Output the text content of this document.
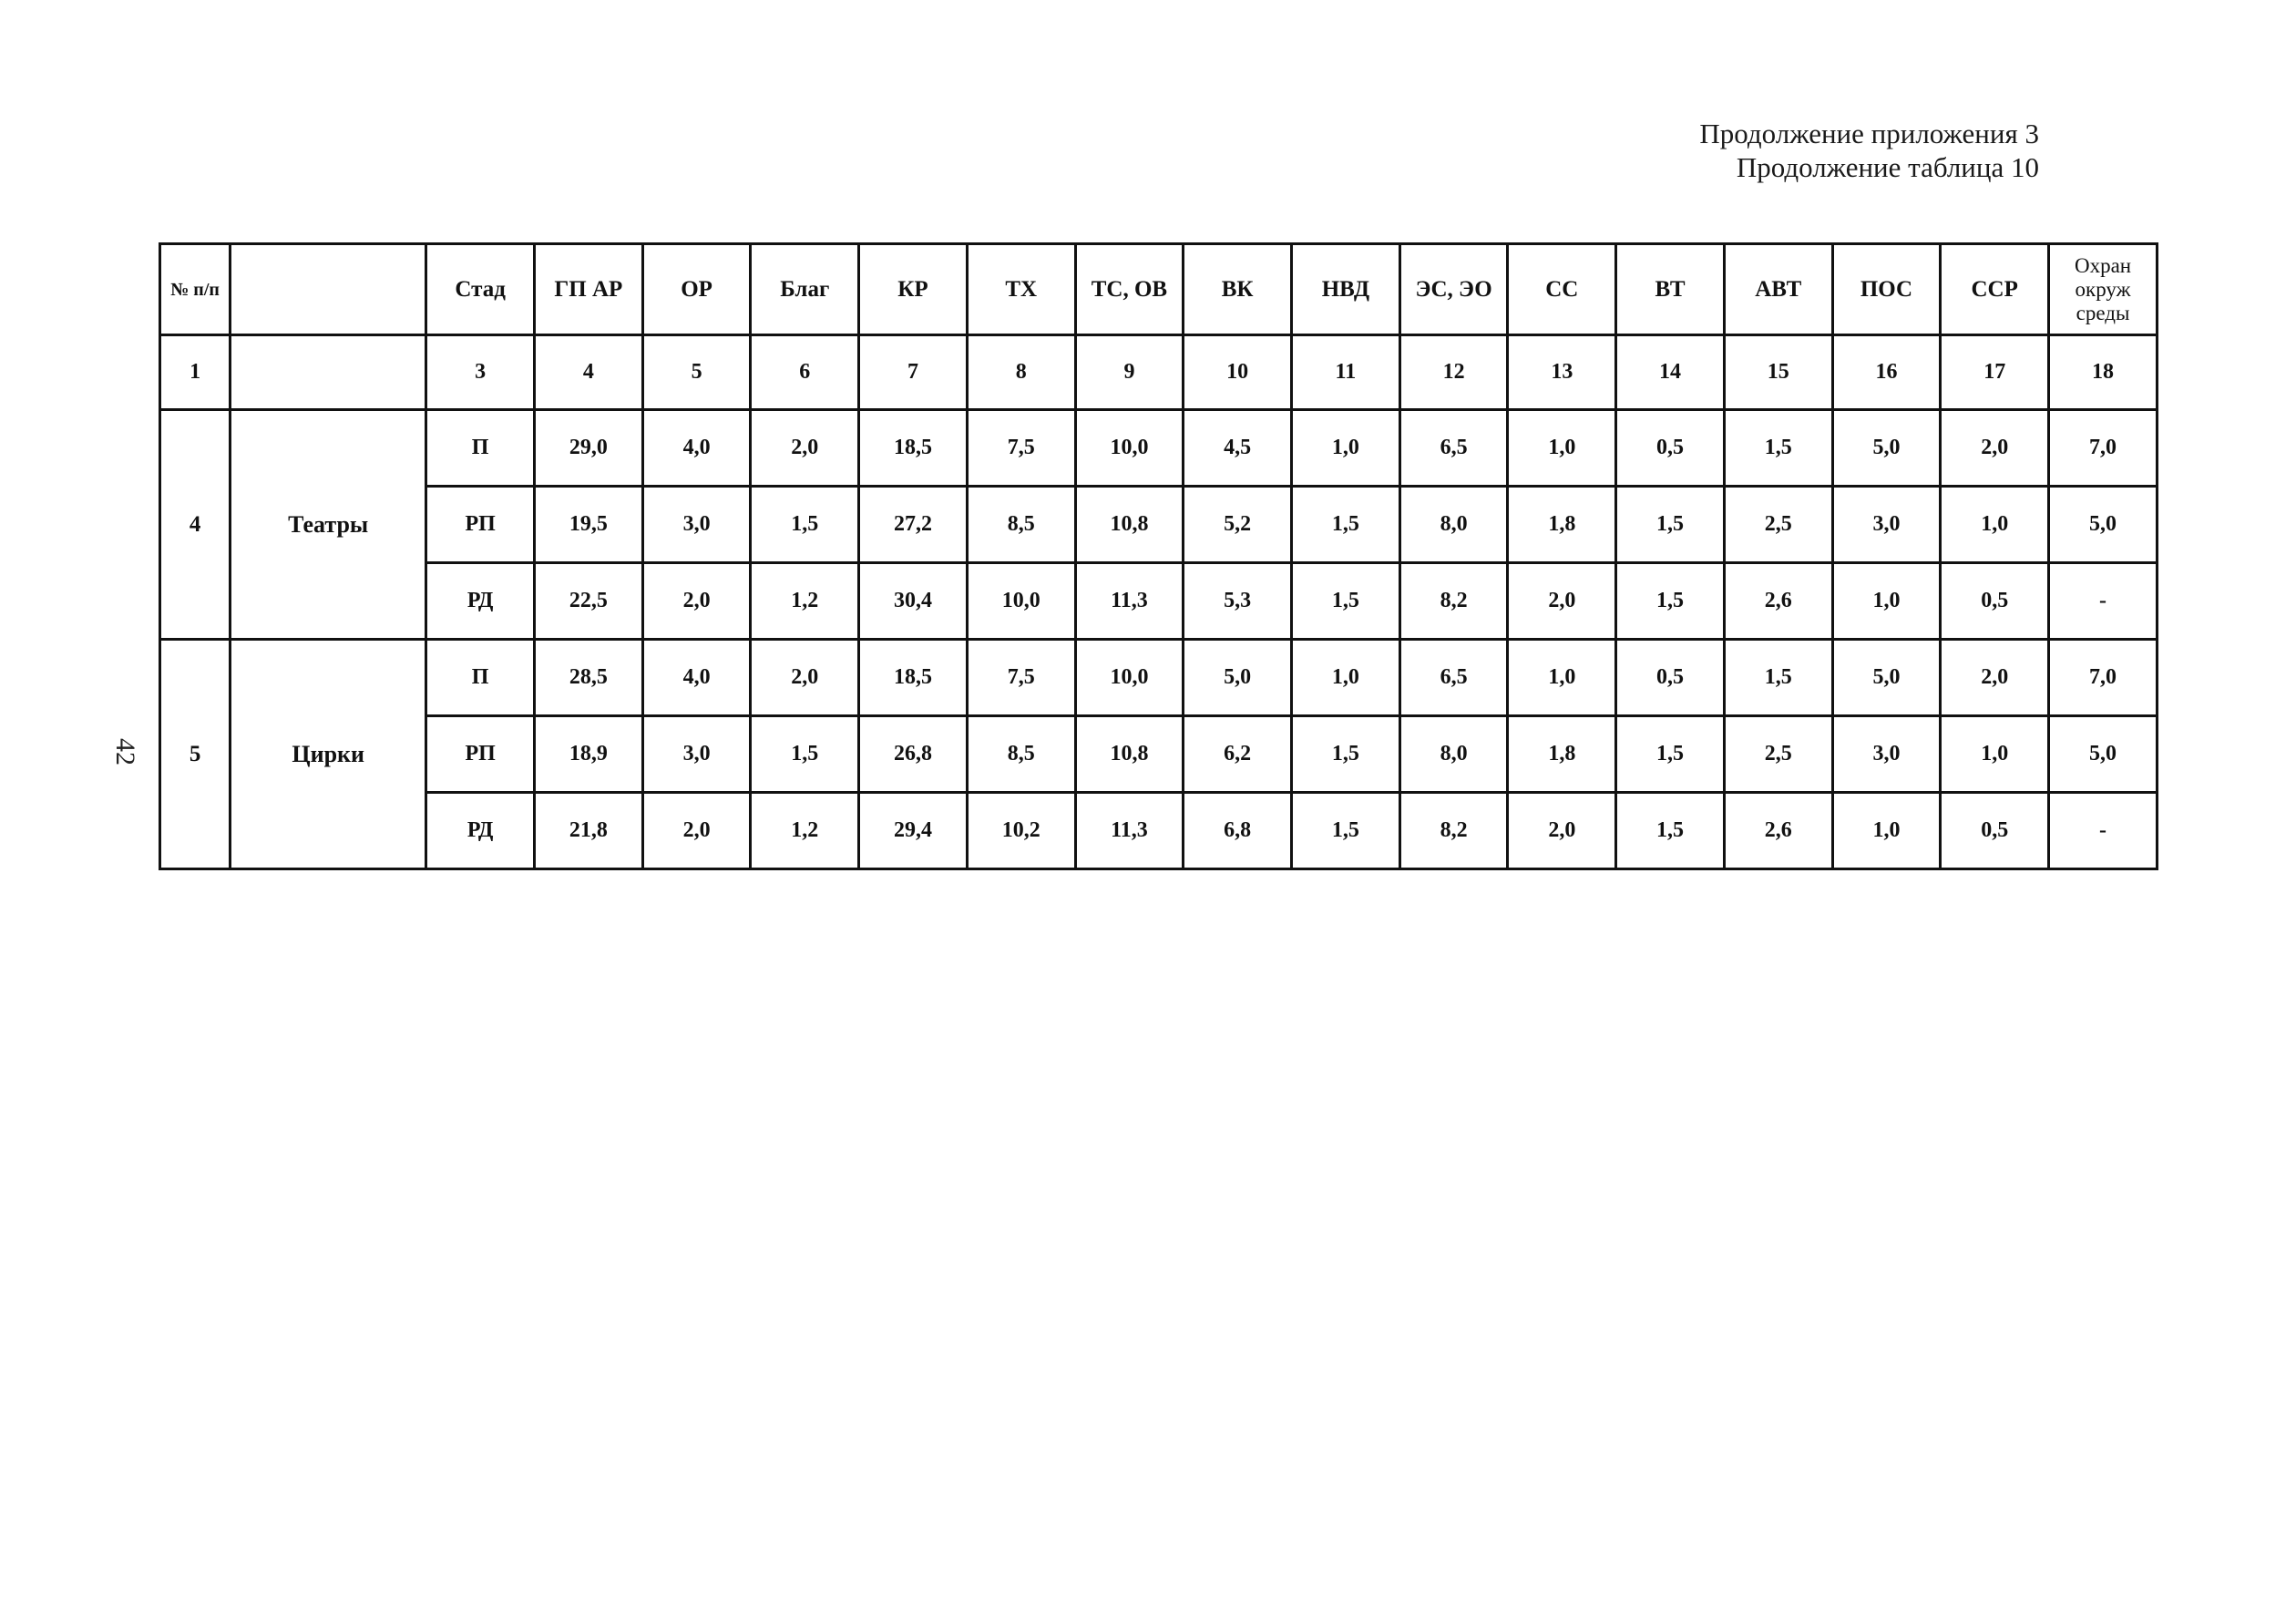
Продолжение приложения 3
Продолжение таблица 10
42
№ п/п		Стад	ГП АР	ОР	Благ	КР	ТХ	ТС, ОВ	ВК	НВД	ЭС, ЭО	СС	ВТ	АВТ	ПОС	ССР	Охран окруж среды
1		3	4	5	6	7	8	9	10	11	12	13	14	15	16	17	18
4	Театры	П	29,0	4,0	2,0	18,5	7,5	10,0	4,5	1,0	6,5	1,0	0,5	1,5	5,0	2,0	7,0
		РП	19,5	3,0	1,5	27,2	8,5	10,8	5,2	1,5	8,0	1,8	1,5	2,5	3,0	1,0	5,0
		РД	22,5	2,0	1,2	30,4	10,0	11,3	5,3	1,5	8,2	2,0	1,5	2,6	1,0	0,5	-
5	Цирки	П	28,5	4,0	2,0	18,5	7,5	10,0	5,0	1,0	6,5	1,0	0,5	1,5	5,0	2,0	7,0
		РП	18,9	3,0	1,5	26,8	8,5	10,8	6,2	1,5	8,0	1,8	1,5	2,5	3,0	1,0	5,0
		РД	21,8	2,0	1,2	29,4	10,2	11,3	6,8	1,5	8,2	2,0	1,5	2,6	1,0	0,5	-
